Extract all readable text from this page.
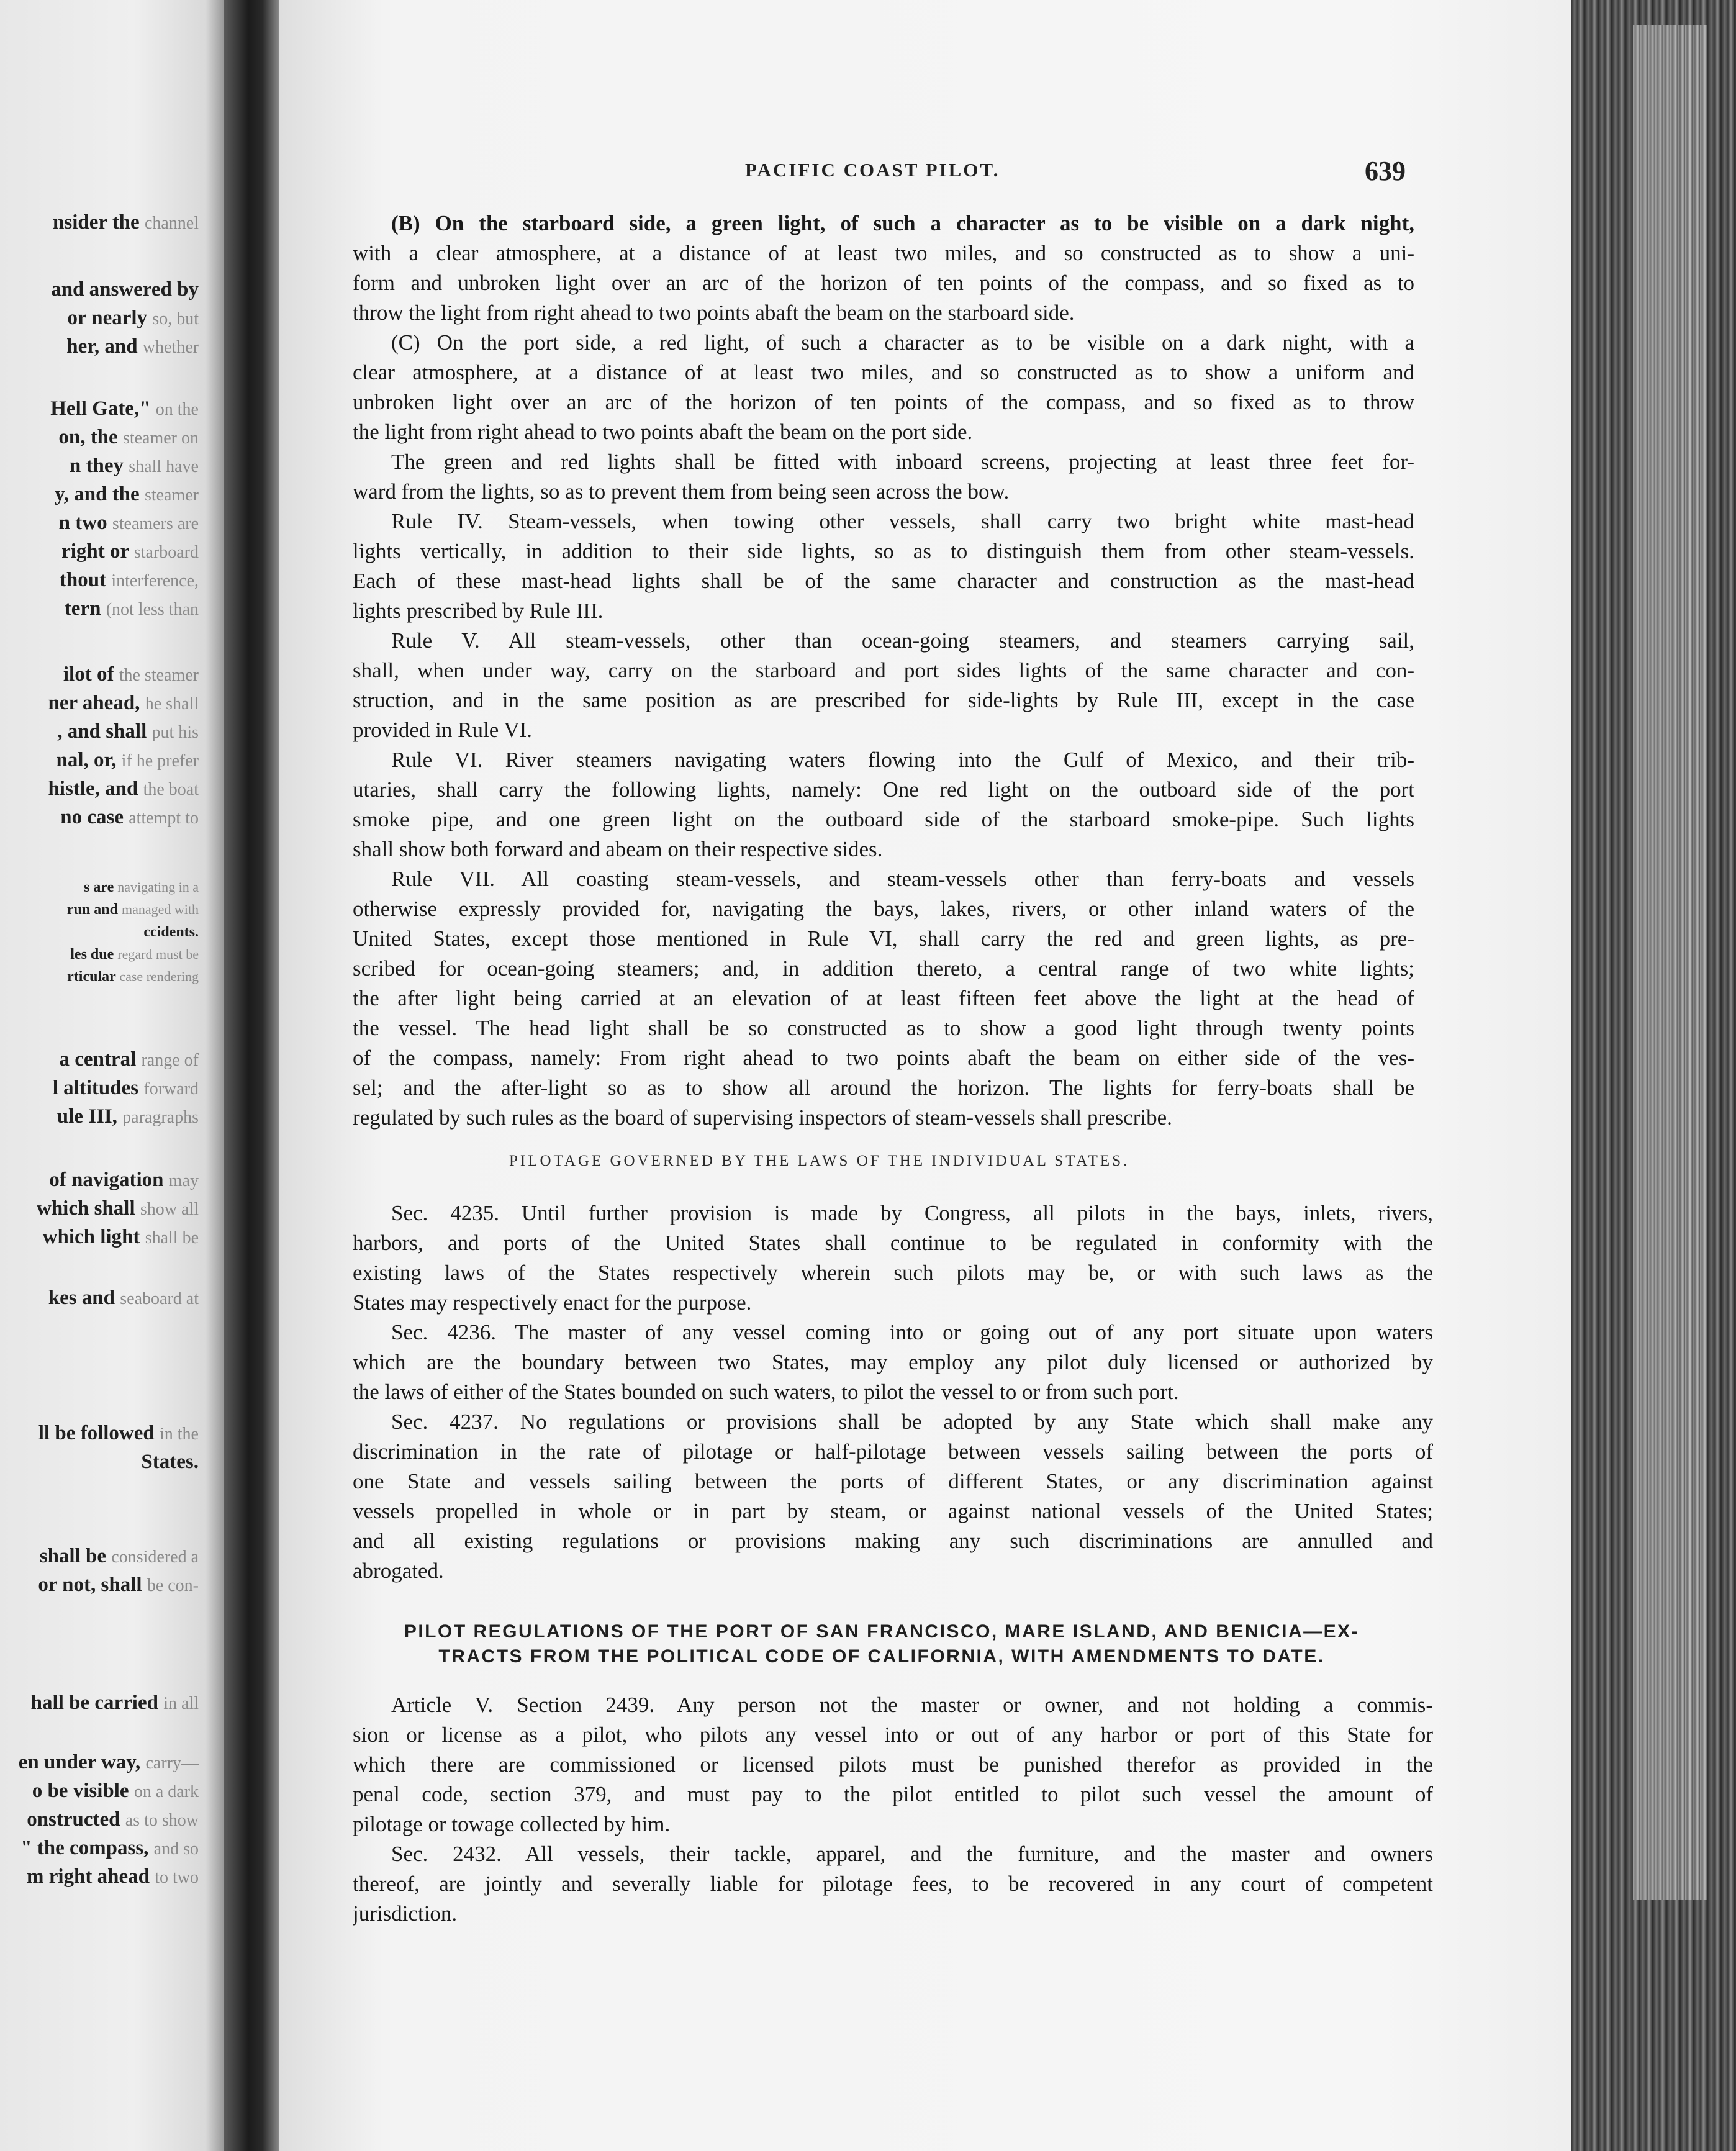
nsider the channel
and answered by
or nearly so, but
her, and whether
Hell Gate," on the
on, the steamer on
n they shall have
y, and the steamer
n two steamers are
right or starboard
thout interference,
tern (not less than
ilot of the steamer
ner ahead, he shall
, and shall put his
nal, or, if he prefer
histle, and the boat
no case attempt to
s are navigating in a
run and managed with
ccidents.
les due regard must be
rticular case rendering
a central range of
l altitudes forward
ule III, paragraphs
of navigation may
which shall show all
which light shall be
kes and seaboard at
ll be followed in the
States.
shall be considered a
or not, shall be con-
hall be carried in all
en under way, carry—
o be visible on a dark
onstructed as to show
" the compass, and so
m right ahead to two
PACIFIC COAST PILOT.	639
(B) On the starboard side, a green light, of such a character as to be visible on a dark night,
with a clear atmosphere, at a distance of at least two miles, and so constructed as to show a uni-
form and unbroken light over an arc of the horizon of ten points of the compass, and so fixed as to
throw the light from right ahead to two points abaft the beam on the starboard side.
(C) On the port side, a red light, of such a character as to be visible on a dark night, with a
clear atmosphere, at a distance of at least two miles, and so constructed as to show a uniform and
unbroken light over an arc of the horizon of ten points of the compass, and so fixed as to throw
the light from right ahead to two points abaft the beam on the port side.
The green and red lights shall be fitted with inboard screens, projecting at least three feet for-
ward from the lights, so as to prevent them from being seen across the bow.
Rule IV. Steam-vessels, when towing other vessels, shall carry two bright white mast-head
lights vertically, in addition to their side lights, so as to distinguish them from other steam-vessels.
Each of these mast-head lights shall be of the same character and construction as the mast-head
lights prescribed by Rule III.
Rule V. All steam-vessels, other than ocean-going steamers, and steamers carrying sail,
shall, when under way, carry on the starboard and port sides lights of the same character and con-
struction, and in the same position as are prescribed for side-lights by Rule III, except in the case
provided in Rule VI.
Rule VI. River steamers navigating waters flowing into the Gulf of Mexico, and their trib-
utaries, shall carry the following lights, namely: One red light on the outboard side of the port
smoke pipe, and one green light on the outboard side of the starboard smoke-pipe. Such lights
shall show both forward and abeam on their respective sides.
Rule VII. All coasting steam-vessels, and steam-vessels other than ferry-boats and vessels
otherwise expressly provided for, navigating the bays, lakes, rivers, or other inland waters of the
United States, except those mentioned in Rule VI, shall carry the red and green lights, as pre-
scribed for ocean-going steamers; and, in addition thereto, a central range of two white lights;
the after light being carried at an elevation of at least fifteen feet above the light at the head of
the vessel. The head light shall be so constructed as to show a good light through twenty points
of the compass, namely: From right ahead to two points abaft the beam on either side of the ves-
sel; and the after-light so as to show all around the horizon. The lights for ferry-boats shall be
regulated by such rules as the board of supervising inspectors of steam-vessels shall prescribe.
PILOTAGE GOVERNED BY THE LAWS OF THE INDIVIDUAL STATES.
Sec. 4235. Until further provision is made by Congress, all pilots in the bays, inlets, rivers,
harbors, and ports of the United States shall continue to be regulated in conformity with the
existing laws of the States respectively wherein such pilots may be, or with such laws as the
States may respectively enact for the purpose.
Sec. 4236. The master of any vessel coming into or going out of any port situate upon waters
which are the boundary between two States, may employ any pilot duly licensed or authorized by
the laws of either of the States bounded on such waters, to pilot the vessel to or from such port.
Sec. 4237. No regulations or provisions shall be adopted by any State which shall make any
discrimination in the rate of pilotage or half-pilotage between vessels sailing between the ports of
one State and vessels sailing between the ports of different States, or any discrimination against
vessels propelled in whole or in part by steam, or against national vessels of the United States;
and all existing regulations or provisions making any such discriminations are annulled and
abrogated.
PILOT REGULATIONS OF THE PORT OF SAN FRANCISCO, MARE ISLAND, AND BENICIA—EX-
TRACTS FROM THE POLITICAL CODE OF CALIFORNIA, WITH AMENDMENTS TO DATE.
Article V. Section 2439. Any person not the master or owner, and not holding a commis-
sion or license as a pilot, who pilots any vessel into or out of any harbor or port of this State for
which there are commissioned or licensed pilots must be punished therefor as provided in the
penal code, section 379, and must pay to the pilot entitled to pilot such vessel the amount of
pilotage or towage collected by him.
Sec. 2432. All vessels, their tackle, apparel, and the furniture, and the master and owners
thereof, are jointly and severally liable for pilotage fees, to be recovered in any court of competent
jurisdiction.
